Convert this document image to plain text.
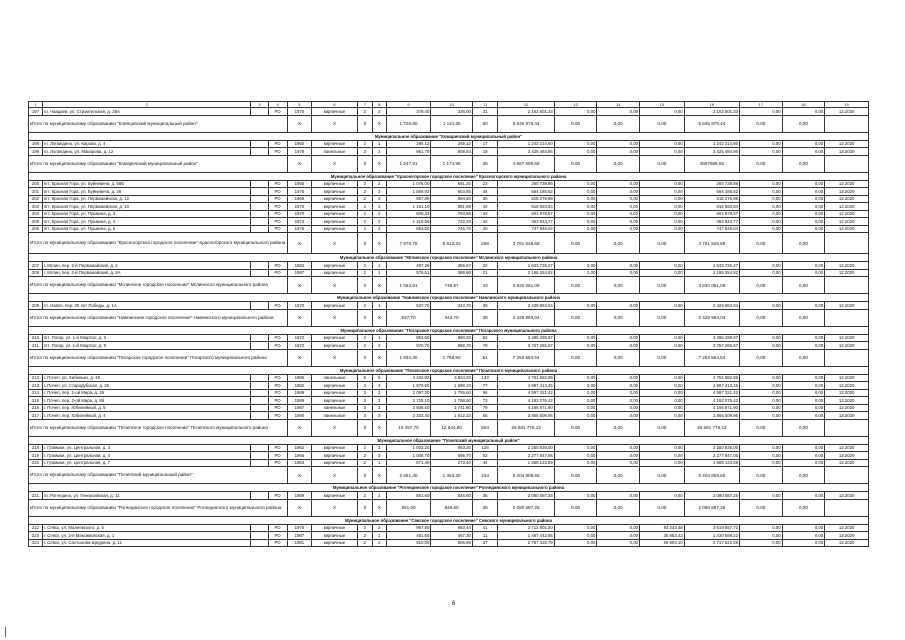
1	2	3	4	5	6	7	8	9	10	11	12	13	14	15	16	17	18	19
197	гп. Чаадаев, ул. Строительная, д. 25А		РО	1975	кирпичные	2	2	379,40	336,00	31	2 162 601,33	0,00	0,00	0,00	2 162 601,33	0,00	0,00	12.2020
Итого по муниципальному образованию "Клинцовский муниципальный район"				X	X	X	X	1 728,80	1 114,30	50	5 845 976,44	0,00	0,00	0,00	5 845 976,44	0,00	0,00	
Муниципальное образование "Комаричский муниципальный район"																		
198	гп. Лопандино, ул. Кирова, д. 4		РО	1960	кирпичные	2	1	286,12	265,12	17	1 242 214,60	0,00	0,00	0,00	1 242 214,60	0,00	0,00	12.2020
199	гп. Лопандино, ул. Макарова, д. 12		РО	1978	панельные	2	3	961,79	909,84	19	3 425 484,96	0,00	0,00	0,00	3 425 484,96	0,00	0,00	12.2020
Итого по муниципальному образованию "Комаричский муниципальный район"				X	X	X	X	1 247,91	1 174,96	36	4 667 699,56	0,00	0,00	0,00	4667699,56	0,00	0,00	
Муниципальное образование "Красногорское городское поселение" Красногорского муниципального района																		
200	пгт. Красная Гора, ул. Буйневича, д. 58Б		РО	1955	кирпичные	2	2	1 076,00	691,20	23	260 738,86	0,00	0,00	0,00	260 738,86	0,00	0,00	12.2020
201	пгт. Красная Гора, ул. Буйневича, д. 26		РО	1975	кирпичные	2	3	1 569,92	903,85	34	564 185,62	0,00	0,00	0,00	564 185,62	0,00	0,00	12.2020
202	пгт. Красная Гора, ул. Первомайская, д. 12		РО	1969	кирпичные	2	3	967,80	894,50	30	518 276,98	0,00	0,00	0,00	518 276,98	0,00	0,00	12.2020
203	пгт. Красная Гора, ул. Первомайская, д. 10		РО	1970	кирпичные	2	3	1 161,10	881,89	42	815 593,84	0,00	0,00	0,00	815 593,84	0,00	0,00	12.2020
204	пгт. Красная Гора, ул. Пушкина, д. 3		РО	1970	кирпичные	2	2	606,43	763,66	43	601 878,57	0,00	0,00	0,00	601 878,57	0,00	0,00	12.2020
205	пгт. Красная Гора, ул. Пушкина, д. 4		РО	1973	кирпичные	2	2	1 219,66	722,20	42	453 944,77	0,00	0,00	0,00	453 944,77	0,00	0,00	12.2020
206	пгт. Красная Гора, ул. Пушкина, д. 5		РО	1975	кирпичные	2	2	853,50	746,70	40	747 849,04	0,00	0,00	0,00	747 849,04	0,00	0,00	12.2020
Итого по муниципальному образованию "Красногорское городское поселение" Красногорского муниципального района				X	X	X	X	7 676,78	5 613,33	258	3 761 528,68	0,00	0,00	0,00	3 761 528,68	0,00	0,00	
Муниципальное образование "Мглинское городское поселение" Мглинского муниципального района																		
207	г. Мглин, пер. 2-й Первомайский, д. 2		РО	1983	кирпичные	2	1	487,38	355,67	22	1 633 726,27	0,00	0,00	0,00	1 633 726,27	0,00	0,00	12.2020
208	г. Мглин, пер. 2-й Первомайский, д. 2А		РО	1987	кирпичные	2	1	576,51	389,90	21	2 186 354,82	0,00	0,00	0,00	2 186 354,82	0,00	0,00	12.2020
Итого по муниципальному образованию "Мглинское городское поселение" Мглинского муниципального района				X	X	X	X	1 063,81	745,57	43	3 820 081,09	0,00	0,00	0,00	3 820 081,09	0,00	0,00	
Муниципальное образование "Навлинское городское поселение" Навлинского муниципального района																		
209	гп. Навля, пер. 30 лет Победы, д. 1А		РО	1970	кирпичные	2	1	537,70	343,70	39	2 429 963,04	0,00	0,00	0,00	2 429 963,04	0,00	0,00	12.2020
Итого по муниципальному образованию "Навлинское городское поселение" Навлинского муниципального района				X	X	X	X	537,70	343,70	39	2 429 963,04	0,00	0,00	0,00	2 429 963,04	0,00	0,00	
Муниципальное образование "Погарское городское поселение" Погарского муниципального района																		
210	пгт. Погар, ул. 1-й Квартал, д. 3		РО	1972	кирпичные	2	1	963,60	880,20	82	3 496 288,87	0,00	0,00	0,00	3 496 288,87	0,00	0,00	12.2020
211	пгт. Погар, ул. 1-й Квартал, д. 5		РО	1972	кирпичные	2	2	970,70	888,70	79	3 757 265,67	0,00	0,00	0,00	3 757 265,67	0,00	0,00	12.2020
Итого по муниципальному образованию "Погарское городское поселение" Погарского муниципального района				X	X	X	X	1 934,30	1 768,90	51	7 253 554,54	0,00	0,00	0,00	7 253 554,54	0,00	0,00	
Муниципальное образование "Почепское городское поселение" Почепского муниципального района																		
212	г. Почеп, ул. Хибенько, д. 48		РО	1986	панельные	5	5	4 432,92	3 924,20	133	4 761 582,99	0,00	0,00	0,00	4 761 582,99	0,00	0,00	12.2020
213	г. Почеп, ул. Стародубская, д. 25		РО	1982	кирпичные	3	3	1 970,90	1 698,10	77	4 997 413,45	0,00	0,00	0,00	4 997 413,45	0,00	0,00	12.2020
214	г. Почеп, пер. 2-ой Мира, д. 26		РО	1989	кирпичные	3	3	2 097,30	1 759,60	96	4 597 321,42	0,00	0,00	0,00	4 597 321,42	0,00	0,00	12.2020
215	г. Почеп, пер. 2-ой Мира, д. 8б		РО	1989	кирпичные	3	3	2 725,10	1 768,90	73	4 192 076,42	0,00	0,00	0,00	4 192 076,42	0,00	0,00	12.2020
216	г. Почеп, пер. Юбилейный, д. 5		РО	1987	панельные	3	3	2 508,50	1 741,80	79	4 166 871,90	0,00	0,00	0,00	4 166 871,90	0,00	0,00	12.2020
217	г. Почеп, пер. Юбилейный, д. 4		РО	1990	панельные	3	3	2 323,40	1 612,10	56	3 866 509,95	0,00	0,00	0,00	3 866 509,95	0,00	0,00	12.2020
Итого по муниципальному образованию "Почепское городское поселение" Почепского муниципального района				X	X	X	X	16 457,70	12 644,80	504	26 581 776,13	0,00	0,00	0,00	26 581 776,13	0,00	0,00	
Муниципальное образование "Почепский муниципальный район"																		
218	г. Громыки, ул. Центральная, д. 3		РО	1962	кирпичные	2	3	1 003,20	863,20	126	2 250 838,00	0,00	0,00	0,00	2 250 838,00	0,00	0,00	12.2020
219	г. Громыки, ул. Центральная, д. 4		РО	1966	кирпичные	2	3	1 006,70	596,70	62	2 277 847,06	0,00	0,00	0,00	2 277 847,06	0,00	0,00	12.2020
220	г. Громыки, ул. Центральная, д. 7		РО	1963	кирпичные	2	1	671,40	273,40	44	1 668 123,59	0,00	0,00	0,00	1 668 123,59	0,00	0,00	12.2020
Итого по муниципальному образованию "Почепский муниципальный район"				X	X	X	X	2 681,30	1 463,30	234	6 204 808,65	0,00	0,00	0,00	6 204 808,65	0,00	0,00	
Муниципальное образование "Рогнединское городское поселение" Рогнединского муниципального района																		
221	гп. Рогнедино, ул. Генерсийская, д. 11		РО	1989	кирпичные	2	2	861,60	846,60	36	2 080 587,25	0,00	0,00	0,00	2 080 587,25	0,00	0,00	12.2020
Итого по муниципальному образованию "Рогнединское городское поселение" Рогнединского муниципального района				X	X	X	X	861,60	846,60	36	2 080 587,25	0,00	0,00	0,00	2 080 587,25	0,00	0,00	
Муниципальное образование "Севское городское поселение" Севского муниципального района																		
222	г. Севск, ул. Малеевского, д. 5		РО	1978	кирпичные	2	2	967,80	883,44	41	3 712 801,20	0,00	0,00	93 243,48	3 619 557,72	0,00	0,00	12.2020
223	г. Севск, ул. 2-я Максимовская, д. 1		РО	1987	кирпичные	2	1	481,60	467,30	11	1 467 442,85	0,00	0,00	36 853,43	1 430 589,22	0,00	0,00	12.2020
224	г. Севск, ул. Салтыкова-Щедрина, д. 11		РО	1981	кирпичные	2	2	910,00	806,56	37	2 787 425,79	0,00	0,00	69 903,10	2 717 522,69	0,00	0,00	12.2020
6
